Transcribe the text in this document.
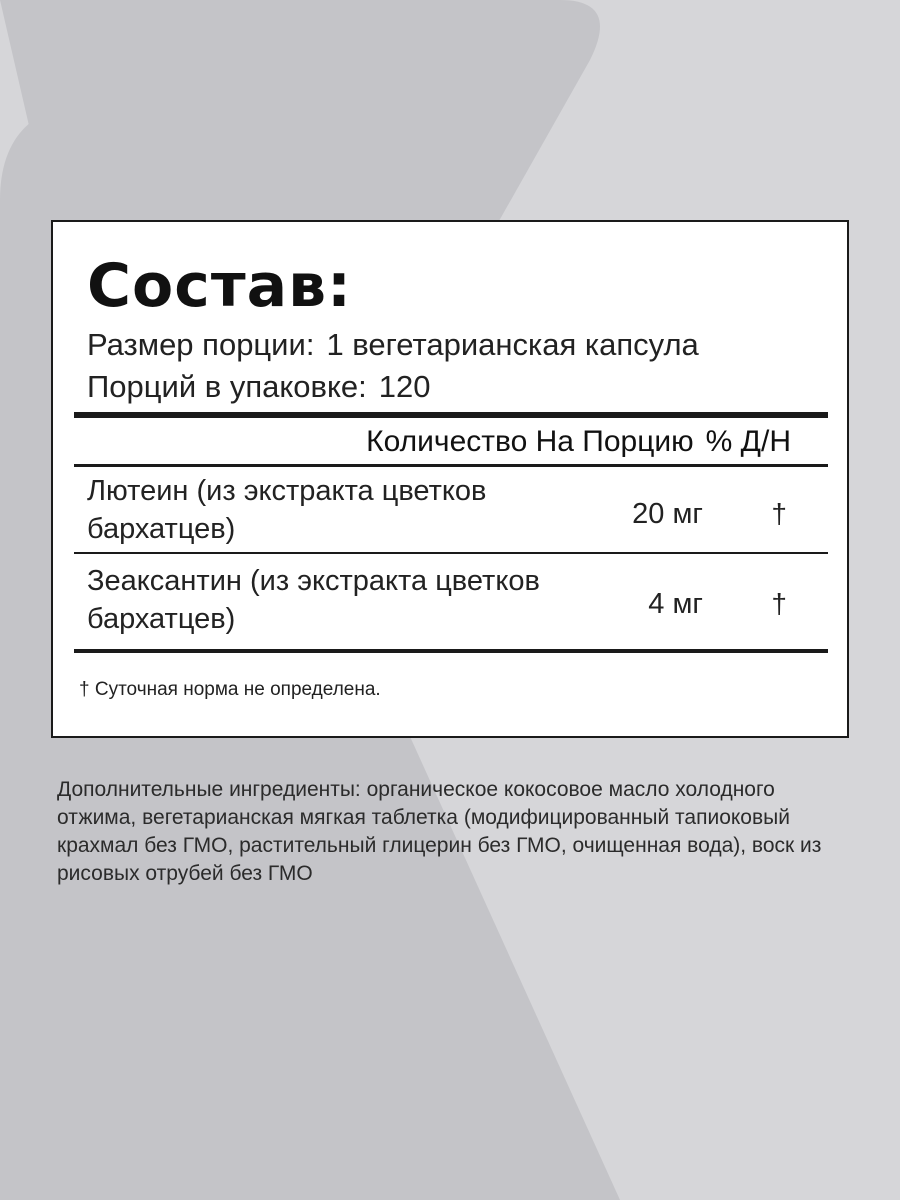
Состав:
Размер порции: 1 вегетарианская капсула
Порций в упаковке: 120
Количество На Порцию % Д/Н
Лютеин (из экстракта цветков бархатцев)	20 мг †
Зеаксантин (из экстракта цветков бархатцев)	4 мг †
† Суточная норма не определена.

Дополнительные ингредиенты: органическое кокосовое масло холодного отжима, вегетарианская мягкая таблетка (модифицированный тапиоковый крахмал без ГМО, растительный глицерин без ГМО, очищенная вода), воск из рисовых отрубей без ГМО
